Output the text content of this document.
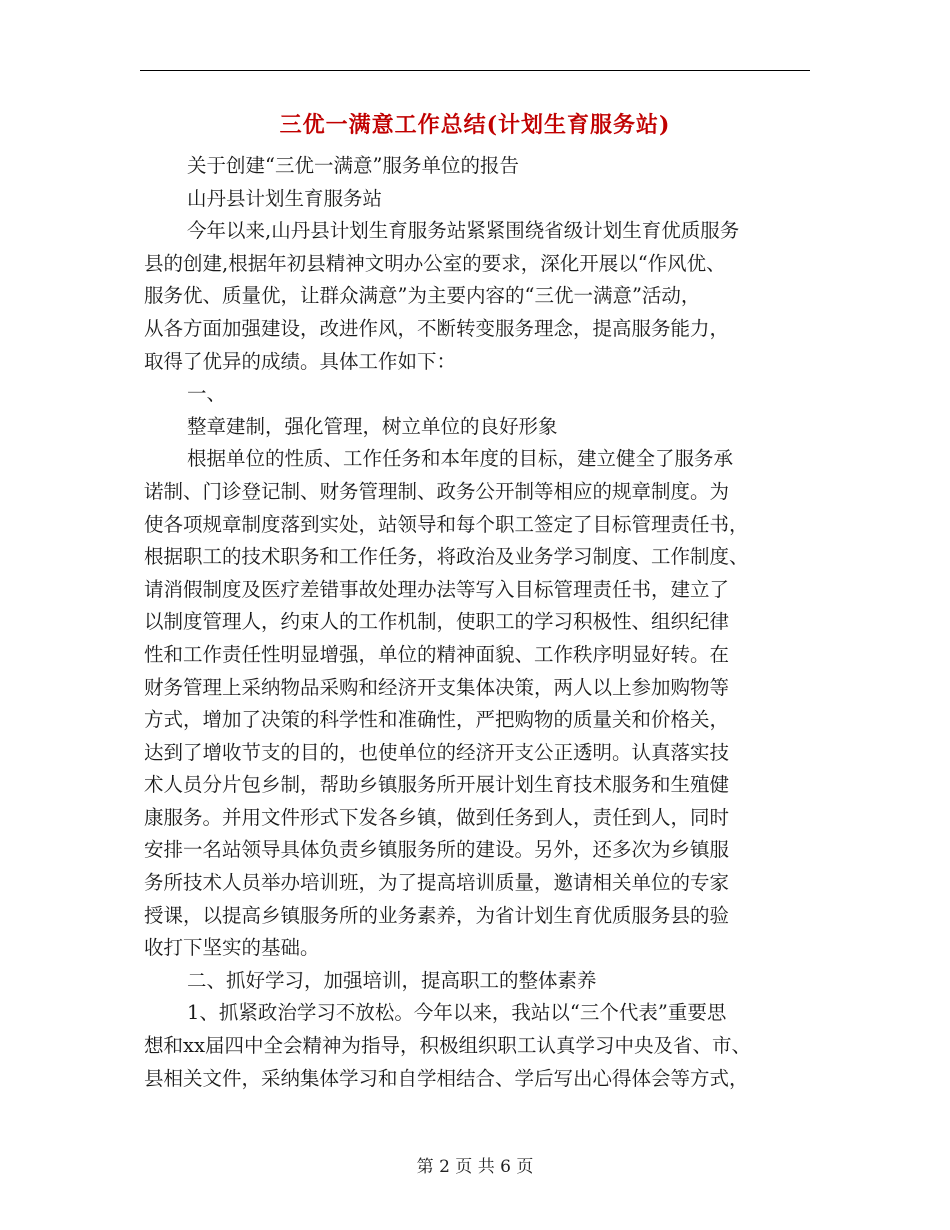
三优一满意工作总结(计划生育服务站)
关于创建“三优一满意”服务单位的报告
山丹县计划生育服务站
今年以来,山丹县计划生育服务站紧紧围绕省级计划生育优质服务
县的创建,根据年初县精神文明办公室的要求，深化开展以“作风优、
服务优、质量优，让群众满意”为主要内容的“三优一满意”活动，
从各方面加强建设，改进作风，不断转变服务理念，提高服务能力，
取得了优异的成绩。具体工作如下：
一、
整章建制，强化管理，树立单位的良好形象
根据单位的性质、工作任务和本年度的目标，建立健全了服务承
诺制、门诊登记制、财务管理制、政务公开制等相应的规章制度。为
使各项规章制度落到实处，站领导和每个职工签定了目标管理责任书，
根据职工的技术职务和工作任务，将政治及业务学习制度、工作制度、
请消假制度及医疗差错事故处理办法等写入目标管理责任书，建立了
以制度管理人，约束人的工作机制，使职工的学习积极性、组织纪律
性和工作责任性明显增强，单位的精神面貌、工作秩序明显好转。在
财务管理上采纳物品采购和经济开支集体决策，两人以上参加购物等
方式，增加了决策的科学性和准确性，严把购物的质量关和价格关，
达到了增收节支的目的，也使单位的经济开支公正透明。认真落实技
术人员分片包乡制，帮助乡镇服务所开展计划生育技术服务和生殖健
康服务。并用文件形式下发各乡镇，做到任务到人，责任到人，同时
安排一名站领导具体负责乡镇服务所的建设。另外，还多次为乡镇服
务所技术人员举办培训班，为了提高培训质量，邀请相关单位的专家
授课，以提高乡镇服务所的业务素养，为省计划生育优质服务县的验
收打下坚实的基础。
二、抓好学习，加强培训，提高职工的整体素养
1、抓紧政治学习不放松。今年以来，我站以“三个代表”重要思
想和xx届四中全会精神为指导，积极组织职工认真学习中央及省、市、
县相关文件，采纳集体学习和自学相结合、学后写出心得体会等方式，
第 2 页 共 6 页
